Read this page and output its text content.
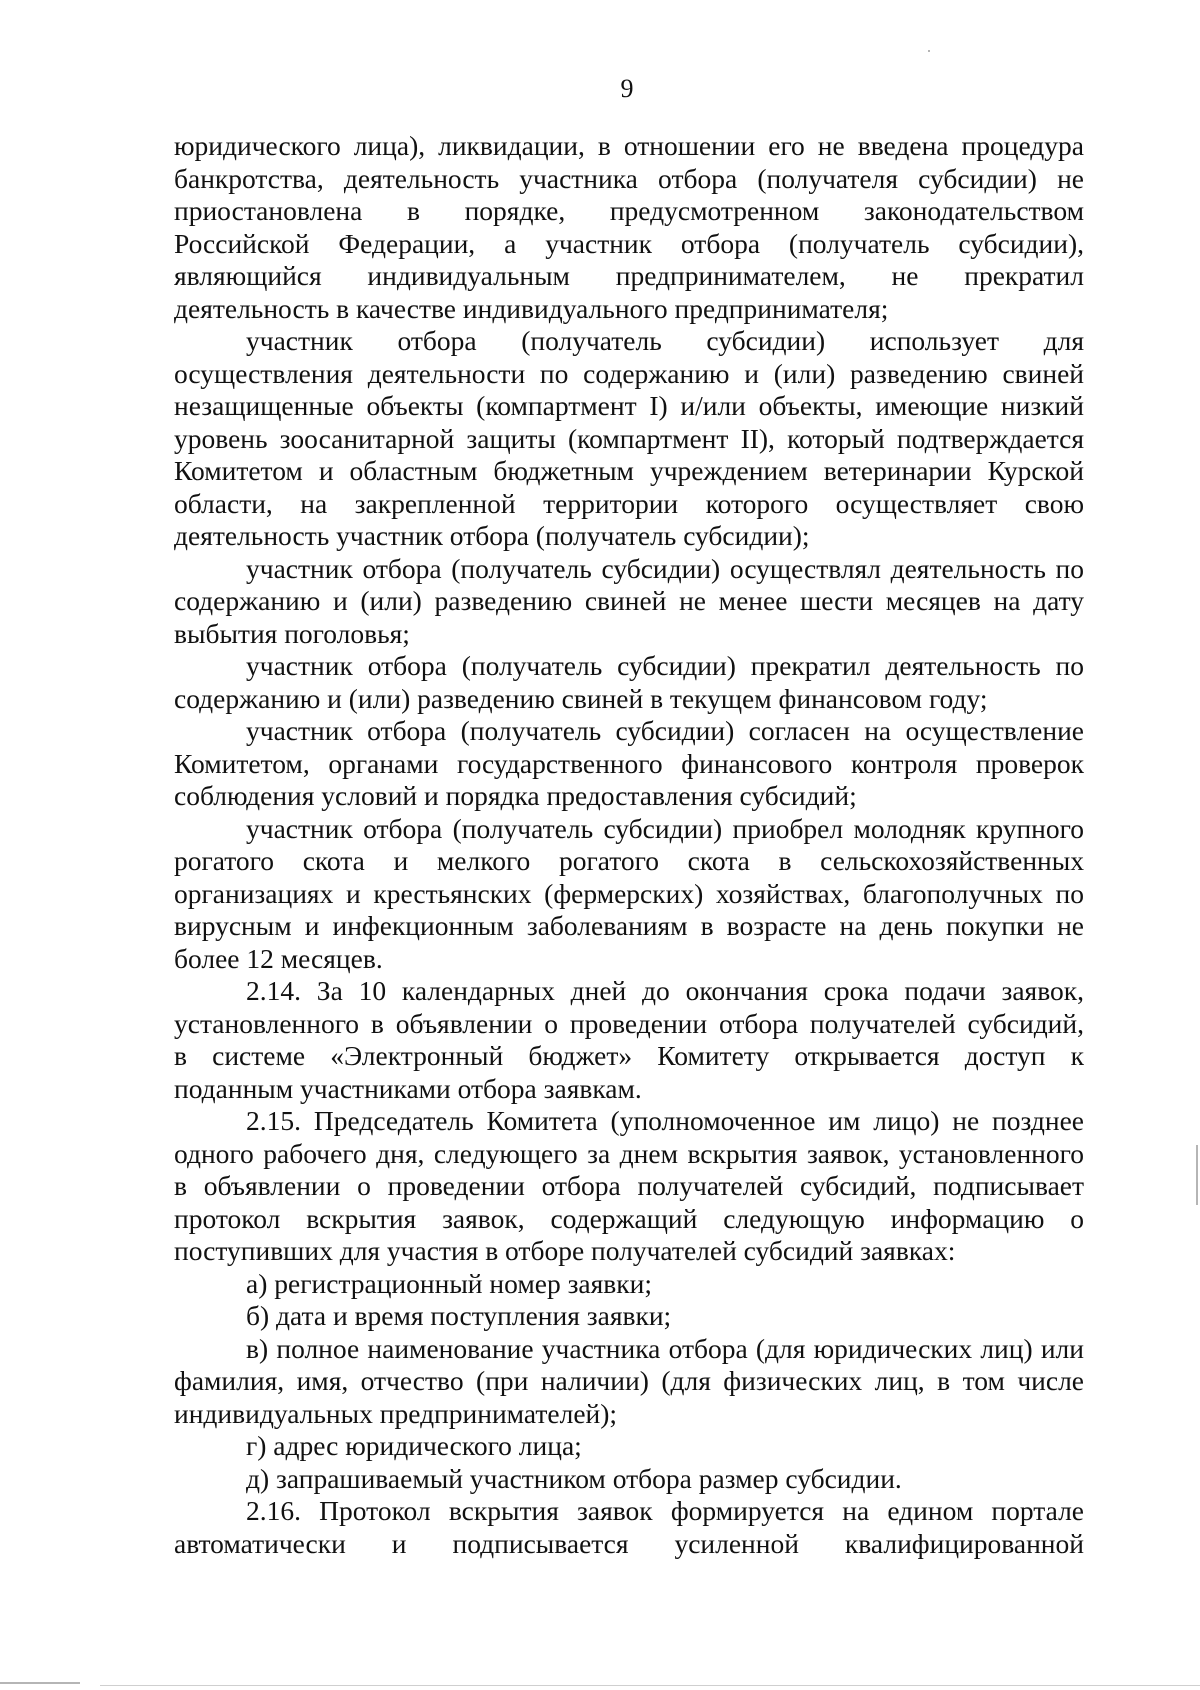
9
юридического лица), ликвидации, в отношении его не введена процедура
банкротства, деятельность участника отбора (получателя субсидии) не
приостановлена в порядке, предусмотренном законодательством
Российской Федерации, а участник отбора (получатель субсидии),
являющийся индивидуальным предпринимателем, не прекратил
деятельность в качестве индивидуального предпринимателя;
участник отбора (получатель субсидии) использует для
осуществления деятельности по содержанию и (или) разведению свиней
незащищенные объекты (компартмент I) и/или объекты, имеющие низкий
уровень зоосанитарной защиты (компартмент II), который подтверждается
Комитетом и областным бюджетным учреждением ветеринарии Курской
области, на закрепленной территории которого осуществляет свою
деятельность участник отбора (получатель субсидии);
участник отбора (получатель субсидии) осуществлял деятельность по
содержанию и (или) разведению свиней не менее шести месяцев на дату
выбытия поголовья;
участник отбора (получатель субсидии) прекратил деятельность по
содержанию и (или) разведению свиней в текущем финансовом году;
участник отбора (получатель субсидии) согласен на осуществление
Комитетом, органами государственного финансового контроля проверок
соблюдения условий и порядка предоставления субсидий;
участник отбора (получатель субсидии) приобрел молодняк крупного
рогатого скота и мелкого рогатого скота в сельскохозяйственных
организациях и крестьянских (фермерских) хозяйствах, благополучных по
вирусным и инфекционным заболеваниям в возрасте на день покупки не
более 12 месяцев.
2.14. За 10 календарных дней до окончания срока подачи заявок,
установленного в объявлении о проведении отбора получателей субсидий,
в системе «Электронный бюджет» Комитету открывается доступ к
поданным участниками отбора заявкам.
2.15. Председатель Комитета (уполномоченное им лицо) не позднее
одного рабочего дня, следующего за днем вскрытия заявок, установленного
в объявлении о проведении отбора получателей субсидий, подписывает
протокол вскрытия заявок, содержащий следующую информацию о
поступивших для участия в отборе получателей субсидий заявках:
а) регистрационный номер заявки;
б) дата и время поступления заявки;
в) полное наименование участника отбора (для юридических лиц) или
фамилия, имя, отчество (при наличии) (для физических лиц, в том числе
индивидуальных предпринимателей);
г) адрес юридического лица;
д) запрашиваемый участником отбора размер субсидии.
2.16. Протокол вскрытия заявок формируется на едином портале
автоматически и подписывается усиленной квалифицированной
